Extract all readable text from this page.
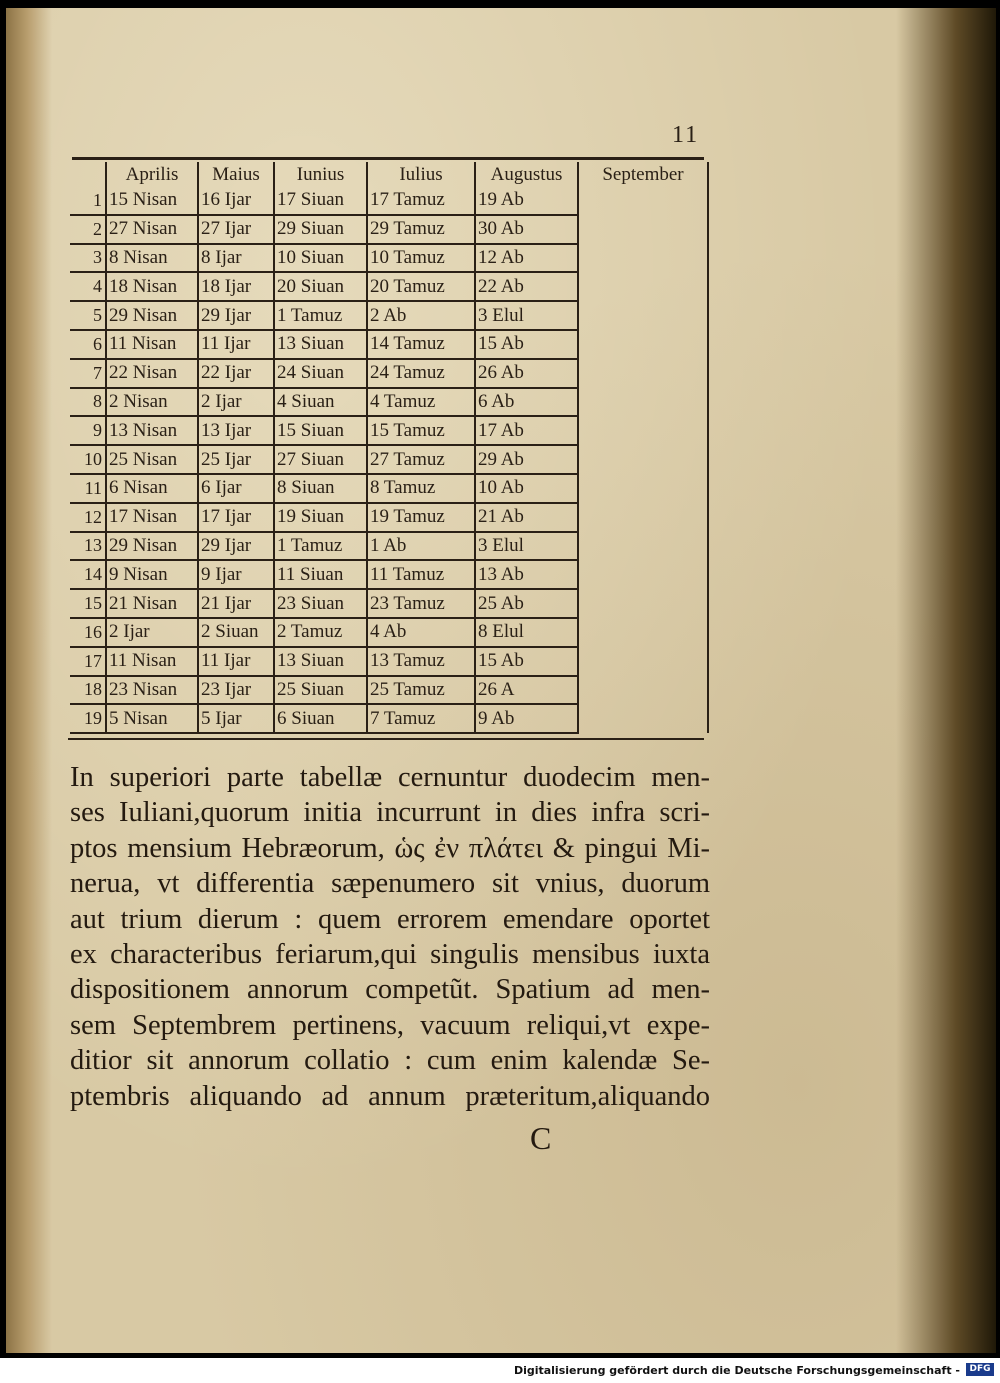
11
	Aprilis	Maius	Iunius	Iulius	Augustus	September
1	15 Nisan	16 Ijar	17 Siuan	17 Tamuz	19 Ab	
2	27 Nisan	27 Ijar	29 Siuan	29 Tamuz	30 Ab	
3	8 Nisan	8 Ijar	10 Siuan	10 Tamuz	12 Ab	
4	18 Nisan	18 Ijar	20 Siuan	20 Tamuz	22 Ab	
5	29 Nisan	29 Ijar	1 Tamuz	2 Ab	3 Elul	
6	11 Nisan	11 Ijar	13 Siuan	14 Tamuz	15 Ab	
7	22 Nisan	22 Ijar	24 Siuan	24 Tamuz	26 Ab	
8	2 Nisan	2 Ijar	4 Siuan	4 Tamuz	6 Ab	
9	13 Nisan	13 Ijar	15 Siuan	15 Tamuz	17 Ab	
10	25 Nisan	25 Ijar	27 Siuan	27 Tamuz	29 Ab	
11	6 Nisan	6 Ijar	8 Siuan	8 Tamuz	10 Ab	
12	17 Nisan	17 Ijar	19 Siuan	19 Tamuz	21 Ab	
13	29 Nisan	29 Ijar	1 Tamuz	1 Ab	3 Elul	
14	9 Nisan	9 Ijar	11 Siuan	11 Tamuz	13 Ab	
15	21 Nisan	21 Ijar	23 Siuan	23 Tamuz	25 Ab	
16	2 Ijar	2 Siuan	2 Tamuz	4 Ab	8 Elul	
17	11 Nisan	11 Ijar	13 Siuan	13 Tamuz	15 Ab	
18	23 Nisan	23 Ijar	25 Siuan	25 Tamuz	26 A	
19	5 Nisan	5 Ijar	6 Siuan	7 Tamuz	9 Ab	
In superiori parte tabellæ cernuntur duodecim men-
ses Iuliani,quorum initia incurrunt in dies infra scri-
ptos mensium Hebræorum, ὡς ἐν πλάτει & pingui Mi-
nerua, vt differentia sæpenumero sit vnius, duorum
aut trium dierum : quem errorem emendare oportet
ex characteribus feriarum,qui singulis mensibus iuxta
dispositionem annorum competũt. Spatium ad men-
sem Septembrem pertinens, vacuum reliqui,vt expe-
ditior sit annorum collatio : cum enim kalendæ Se-
ptembris aliquando ad annum præteritum,aliquando
C
Digitalisierung gefördert durch die Deutsche Forschungsgemeinschaft -	DFG
